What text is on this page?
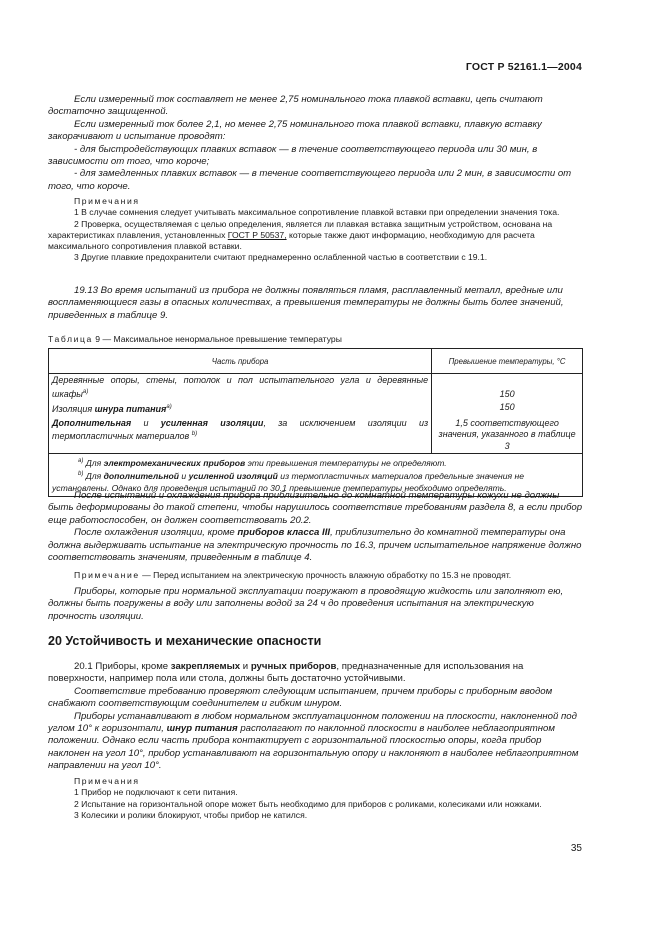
ГОСТ Р 52161.1—2004

Если измеренный ток составляет не менее 2,75 номинального тока плавкой вставки, цепь считают достаточно защищенной.

Если измеренный ток более 2,1, но менее 2,75 номинального тока плавкой вставки, плавкую вставку закорачивают и испытание проводят:

- для быстродействующих плавких вставок — в течение соответствующего периода или 30 мин, в зависимости от того, что короче;

- для замедленных плавких вставок — в течение соответствующего периода или 2 мин, в зависимости от того, что короче.

Примечания

1 В случае сомнения следует учитывать максимальное сопротивление плавкой вставки при определении значения тока.

2 Проверка, осуществляемая с целью определения, является ли плавкая вставка защитным устройством, основана на характеристиках плавления, установленных ГОСТ Р 50537, которые также дают информацию, необходимую для расчета максимального сопротивления плавкой вставки.

3 Другие плавкие предохранители считают преднамеренно ослабленной частью в соответствии с 19.1.

19.13 Во время испытаний из прибора не должны появляться пламя, расплавленный металл, вредные или воспламеняющиеся газы в опасных количествах, а превышения температуры не должны быть более значений, приведенных в таблице 9.

Таблица 9 — Максимальное ненормальное превышение температуры
Часть прибора	Превышение температуры, °С
Деревянные опоры, стены, потолок и пол испытательного угла и деревянные шкафы$^{a)}$	150
Изоляция шнура питания$^{a)}$	150
Дополнительная и усиленная изоляции, за исключением изоляции из термопластичных материалов $^{b)}$	1,5 соответствующего значения, указанного в таблице 3

$^{a)}$ Для электромеханических приборов эти превышения температуры не определяют.
$^{b)}$ Для дополнительной и усиленной изоляций из термопластичных материалов предельные значения не установлены. Однако для проведения испытаний по 30.1 превышение температуры необходимо определять.	

После испытаний и охлаждения прибора приблизительно до комнатной температуры кожухи не должны быть деформированы до такой степени, чтобы нарушилось соответствие требованиям раздела 8, а если прибор еще работоспособен, он должен соответствовать 20.2.

После охлаждения изоляции, кроме приборов класса III, приблизительно до комнатной температуры она должна выдерживать испытание на электрическую прочность по 16.3, причем испытательное напряжение должно соответствовать значениям, приведенным в таблице 4.

Примечание — Перед испытанием на электрическую прочность влажную обработку по 15.3 не проводят.

Приборы, которые при нормальной эксплуатации погружают в проводящую жидкость или заполняют ею, должны быть погружены в воду или заполнены водой за 24 ч до проведения испытания на электрическую прочность изоляции.

20 Устойчивость и механические опасности

20.1 Приборы, кроме закрепляемых и ручных приборов, предназначенные для использования на поверхности, например пола или стола, должны быть достаточно устойчивыми.

Соответствие требованию проверяют следующим испытанием, причем приборы с приборным вводом снабжают соответствующим соединителем и гибким шнуром.

Приборы устанавливают в любом нормальном эксплуатационном положении на плоскости, наклоненной под углом 10° к горизонтали, шнур питания располагают по наклонной плоскости в наиболее неблагоприятном положении. Однако если часть прибора контактирует с горизонтальной плоскостью опоры, когда прибор наклонен на угол 10°, прибор устанавливают на горизонтальную опору и наклоняют в наиболее неблагоприятном направлении на угол 10°.

Примечания

1 Прибор не подключают к сети питания.

2 Испытание на горизонтальной опоре может быть необходимо для приборов с роликами, колесиками или ножками.

3 Колесики и ролики блокируют, чтобы прибор не катился.

35
